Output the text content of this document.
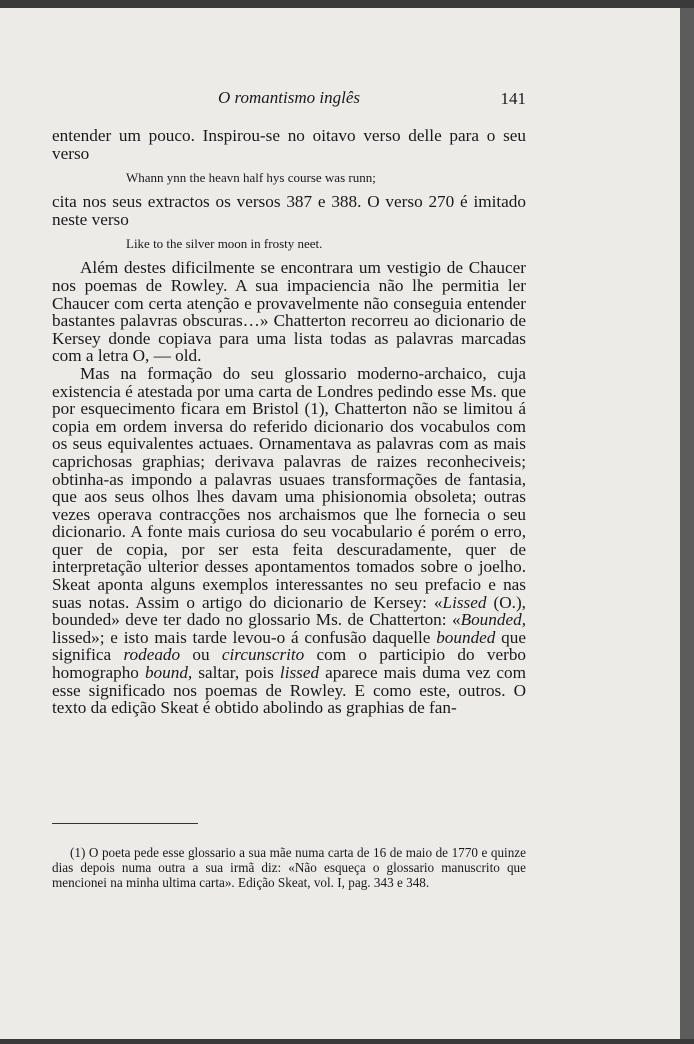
O romantismo inglês	141

entender um pouco. Inspirou-se no oitavo verso delle para o seu verso

Whann ynn the heavn half hys course was runn;

cita nos seus extractos os versos 387 e 388. O verso 270 é imitado neste verso

Like to the silver moon in frosty neet.

Além destes dificilmente se encontrara um vestigio de Chaucer nos poemas de Rowley. A sua impaciencia não lhe permitia ler Chaucer com certa atenção e provavelmente não conseguia entender bastantes palavras obscuras…» Chatterton recorreu ao dicionario de Kersey donde copiava para uma lista todas as palavras marcadas com a letra O, — old.

Mas na formação do seu glossario moderno-archaico, cuja existencia é atestada por uma carta de Londres pedindo esse Ms. que por esquecimento ficara em Bristol (1), Chatterton não se limitou á copia em ordem inversa do referido dicionario dos vocabulos com os seus equivalentes actuaes. Ornamentava as palavras com as mais caprichosas graphias; derivava palavras de raizes reconheciveis; obtinha-as impondo a palavras usuaes transformações de fantasia, que aos seus olhos lhes davam uma phisionomia obsoleta; outras vezes operava contracções nos archaismos que lhe fornecia o seu dicionario. A fonte mais curiosa do seu vocabulario é porém o erro, quer de copia, por ser esta feita descuradamente, quer de interpretação ulterior desses apontamentos tomados sobre o joelho. Skeat aponta alguns exemplos interessantes no seu prefacio e nas suas notas. Assim o artigo do dicionario de Kersey: «Lissed (O.), bounded» deve ter dado no glossario Ms. de Chatterton: «Bounded, lissed»; e isto mais tarde levou-o á confusão daquelle bounded que significa rodeado ou circunscrito com o participio do verbo homographo bound, saltar, pois lissed aparece mais duma vez com esse significado nos poemas de Rowley. E como este, outros. O texto da edição Skeat é obtido abolindo as graphias de fan-

(1) O poeta pede esse glossario a sua mãe numa carta de 16 de maio de 1770 e quinze dias depois numa outra a sua irmã diz: «Não esqueça o glossario manuscrito que mencionei na minha ultima carta». Edição Skeat, vol. I, pag. 343 e 348.
